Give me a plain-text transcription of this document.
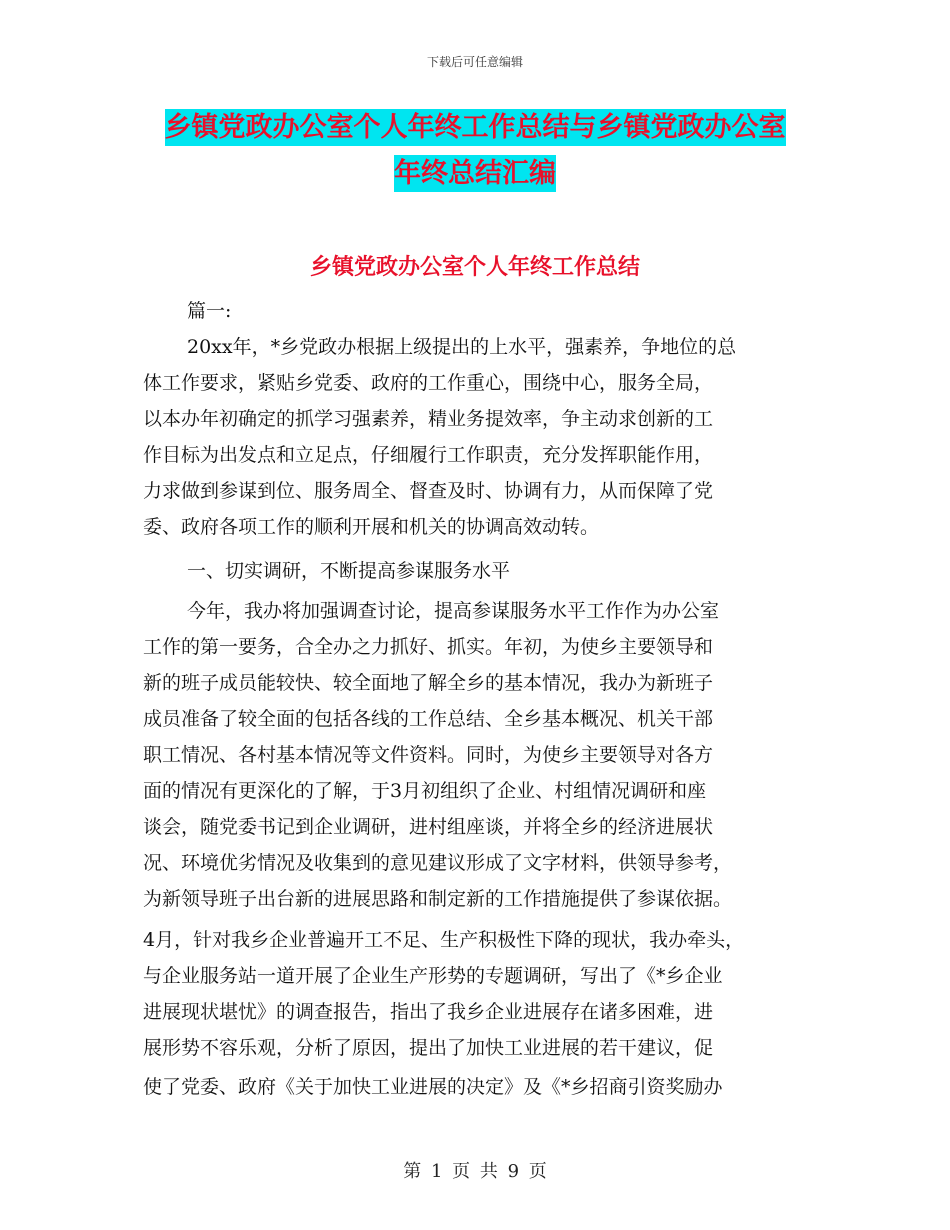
下载后可任意编辑
乡镇党政办公室个人年终工作总结与乡镇党政办公室
年终总结汇编
乡镇党政办公室个人年终工作总结
篇一:
20xx年，*乡党政办根据上级提出的上水平，强素养，争地位的总
体工作要求，紧贴乡党委、政府的工作重心，围绕中心，服务全局，
以本办年初确定的抓学习强素养，精业务提效率，争主动求创新的工
作目标为出发点和立足点，仔细履行工作职责，充分发挥职能作用，
力求做到参谋到位、服务周全、督查及时、协调有力，从而保障了党
委、政府各项工作的顺利开展和机关的协调高效动转。
一、切实调研，不断提高参谋服务水平
今年，我办将加强调查讨论，提高参谋服务水平工作作为办公室
工作的第一要务，合全办之力抓好、抓实。年初，为使乡主要领导和
新的班子成员能较快、较全面地了解全乡的基本情况，我办为新班子
成员准备了较全面的包括各线的工作总结、全乡基本概况、机关干部
职工情况、各村基本情况等文件资料。同时，为使乡主要领导对各方
面的情况有更深化的了解，于3月初组织了企业、村组情况调研和座
谈会，随党委书记到企业调研，进村组座谈，并将全乡的经济进展状
况、环境优劣情况及收集到的意见建议形成了文字材料，供领导参考，
为新领导班子出台新的进展思路和制定新的工作措施提供了参谋依据。
4月，针对我乡企业普遍开工不足、生产积极性下降的现状，我办牵头，
与企业服务站一道开展了企业生产形势的专题调研，写出了《*乡企业
进展现状堪忧》的调查报告，指出了我乡企业进展存在诸多困难，进
展形势不容乐观，分析了原因，提出了加快工业进展的若干建议，促
使了党委、政府《关于加快工业进展的决定》及《*乡招商引资奖励办
第 1 页 共 9 页
